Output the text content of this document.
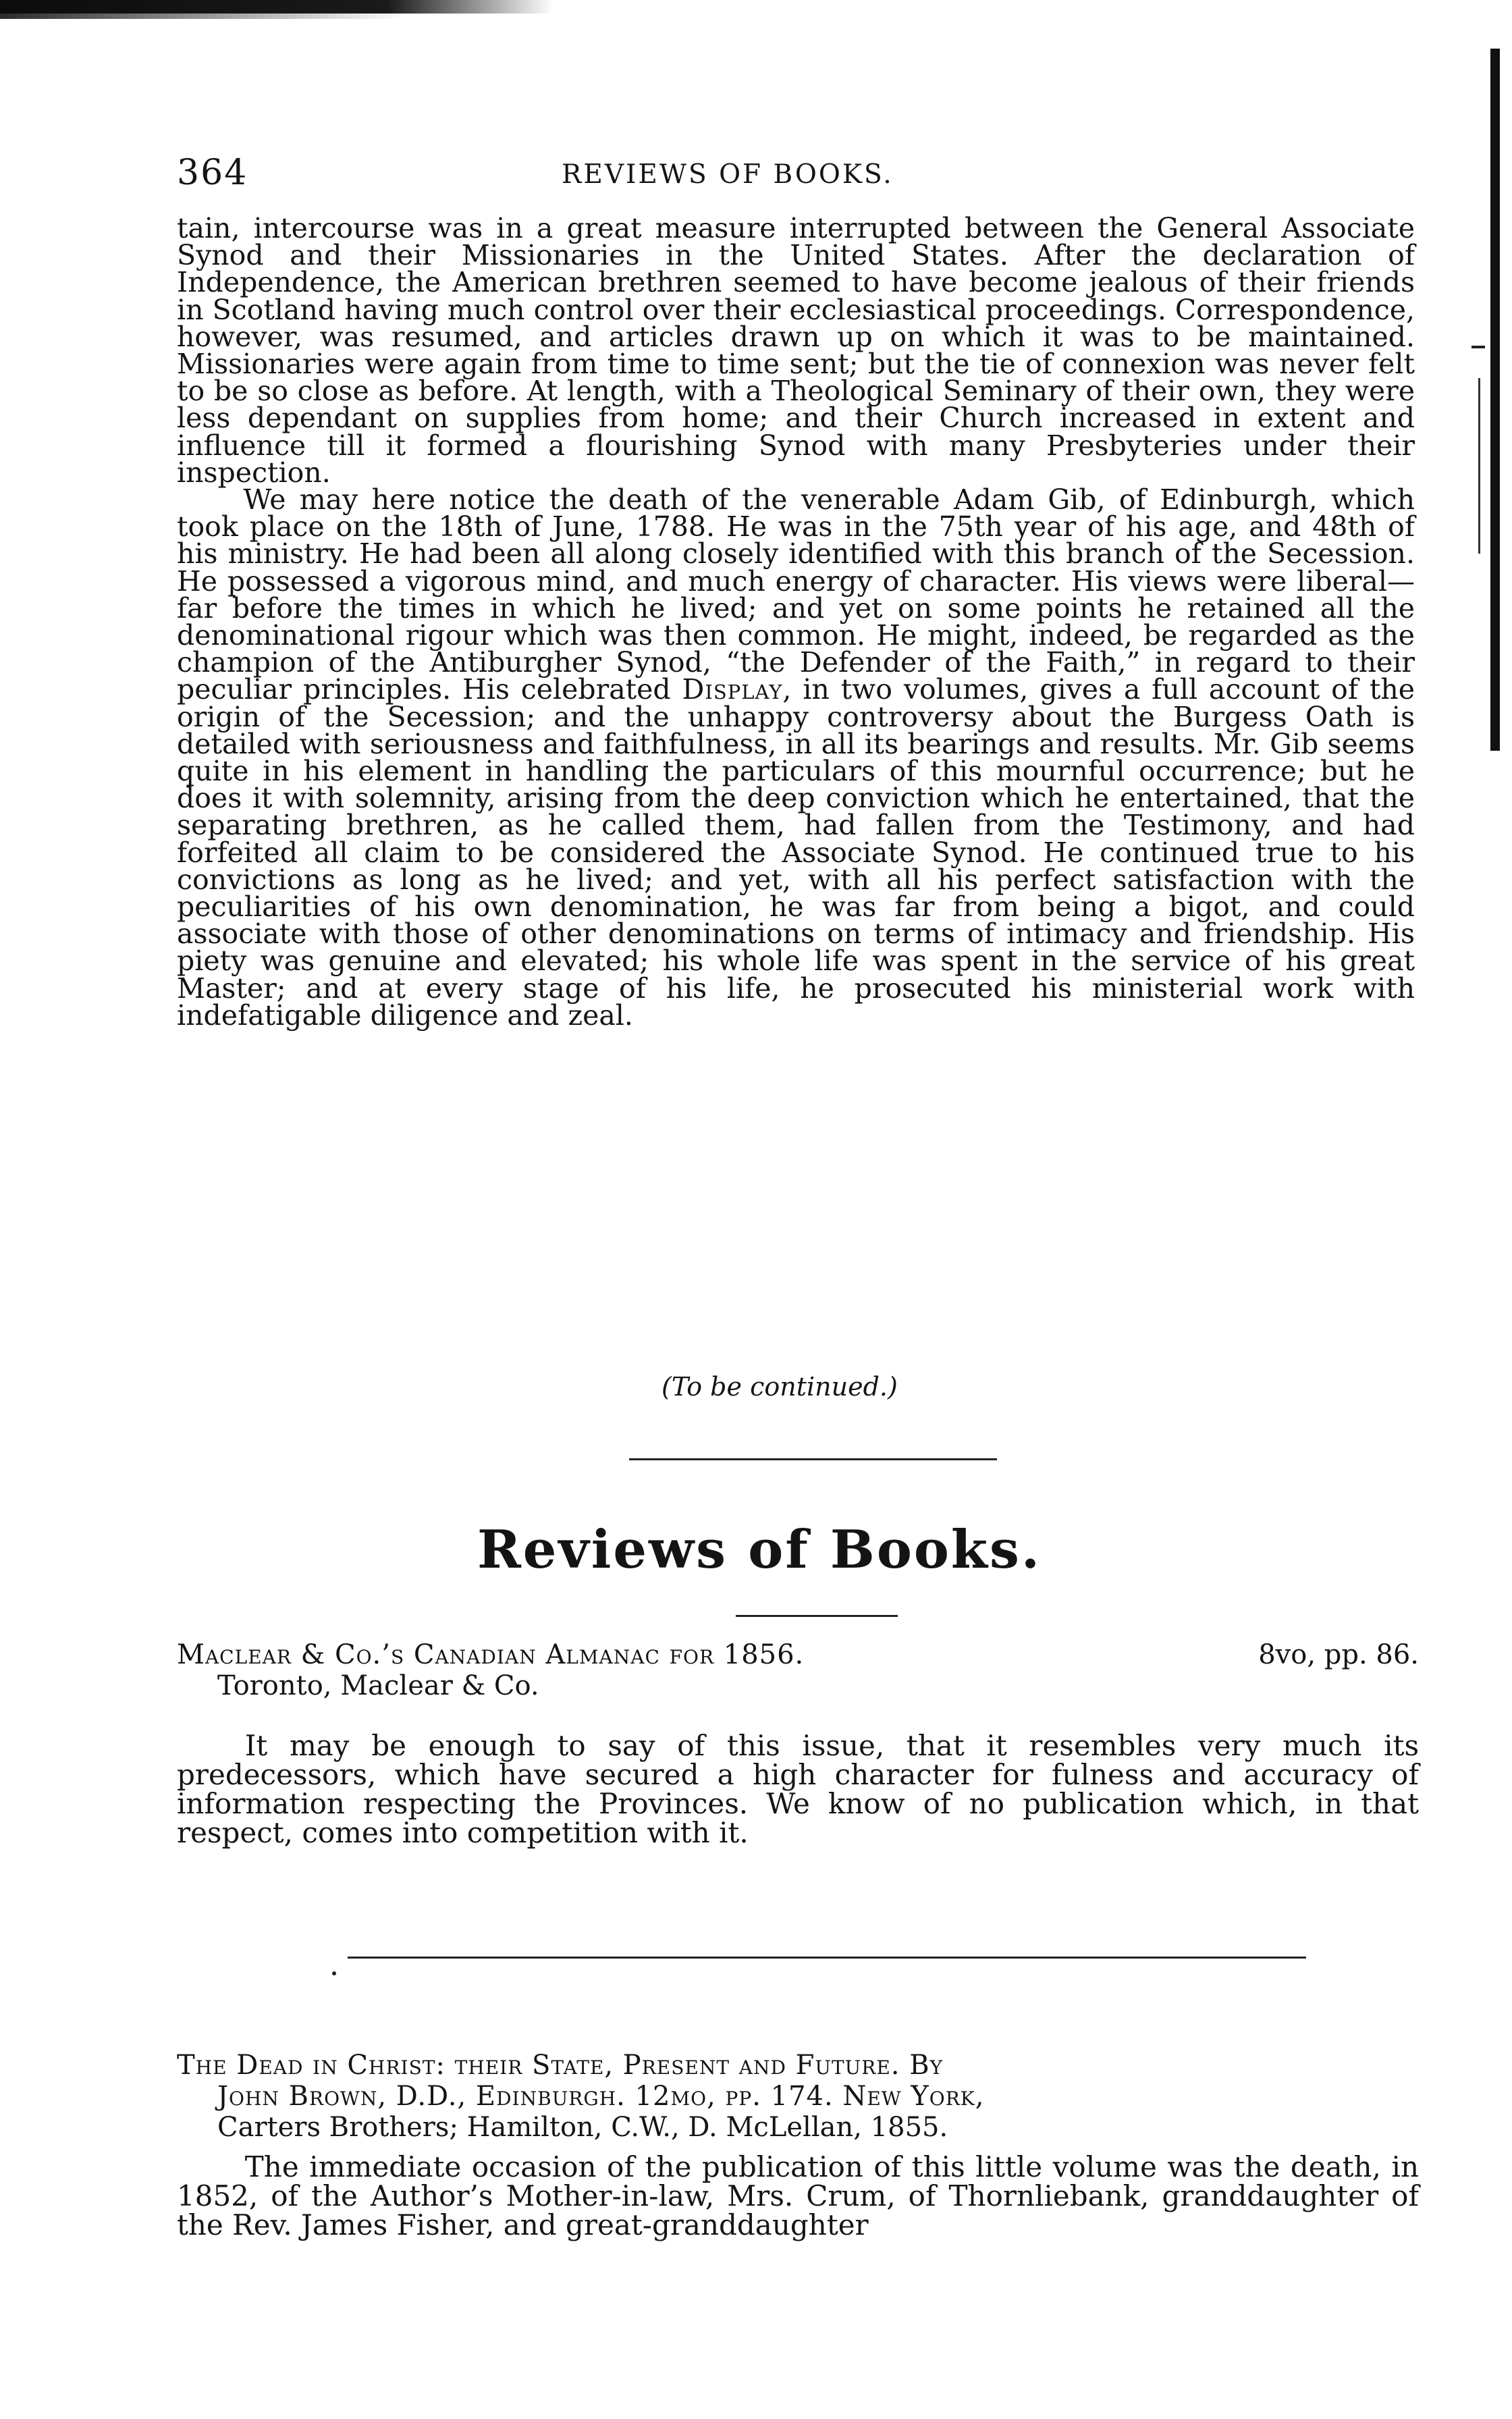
364	REVIEWS OF BOOKS.

tain, intercourse was in a great measure interrupted between the General Associate Synod and their Missionaries in the United States. After the declaration of Independence, the American brethren seemed to have become jealous of their friends in Scotland having much control over their ecclesiastical proceedings. Correspondence, however, was resumed, and articles drawn up on which it was to be maintained. Missionaries were again from time to time sent; but the tie of connexion was never felt to be so close as before. At length, with a Theological Seminary of their own, they were less dependant on supplies from home; and their Church increased in extent and influence till it formed a flourishing Synod with many Presbyteries under their inspection.

We may here notice the death of the venerable Adam Gib, of Edinburgh, which took place on the 18th of June, 1788. He was in the 75th year of his age, and 48th of his ministry. He had been all along closely identified with this branch of the Secession. He possessed a vigorous mind, and much energy of character. His views were liberal—far before the times in which he lived; and yet on some points he retained all the denominational rigour which was then common. He might, indeed, be regarded as the champion of the Antiburgher Synod, “the Defender of the Faith,” in regard to their peculiar principles. His celebrated Display, in two volumes, gives a full account of the origin of the Secession; and the unhappy controversy about the Burgess Oath is detailed with seriousness and faithfulness, in all its bearings and results. Mr. Gib seems quite in his element in handling the particulars of this mournful occurrence; but he does it with solemnity, arising from the deep conviction which he entertained, that the separating brethren, as he called them, had fallen from the Testimony, and had forfeited all claim to be considered the Associate Synod. He continued true to his convictions as long as he lived; and yet, with all his perfect satisfaction with the peculiarities of his own denomination, he was far from being a bigot, and could associate with those of other denominations on terms of intimacy and friendship. His piety was genuine and elevated; his whole life was spent in the service of his great Master; and at every stage of his life, he prosecuted his ministerial work with indefatigable diligence and zeal.

(To be continued.)
Reviews of Books.
Maclear & Co.’s Canadian Almanac for 1856.	8vo, pp. 86.
Toronto, Maclear & Co.

It may be enough to say of this issue, that it resembles very much its predecessors, which have secured a high character for fulness and accuracy of information respecting the Provinces. We know of no publication which, in that respect, comes into competition with it.

The Dead in Christ: their State, Present and Future. By
John Brown, D.D., Edinburgh. 12mo, pp. 174. New York,
Carters Brothers; Hamilton, C.W., D. McLellan, 1855.

The immediate occasion of the publication of this little volume was the death, in 1852, of the Author’s Mother-in-law, Mrs. Crum, of Thornliebank, granddaughter of the Rev. James Fisher, and great-granddaughter
